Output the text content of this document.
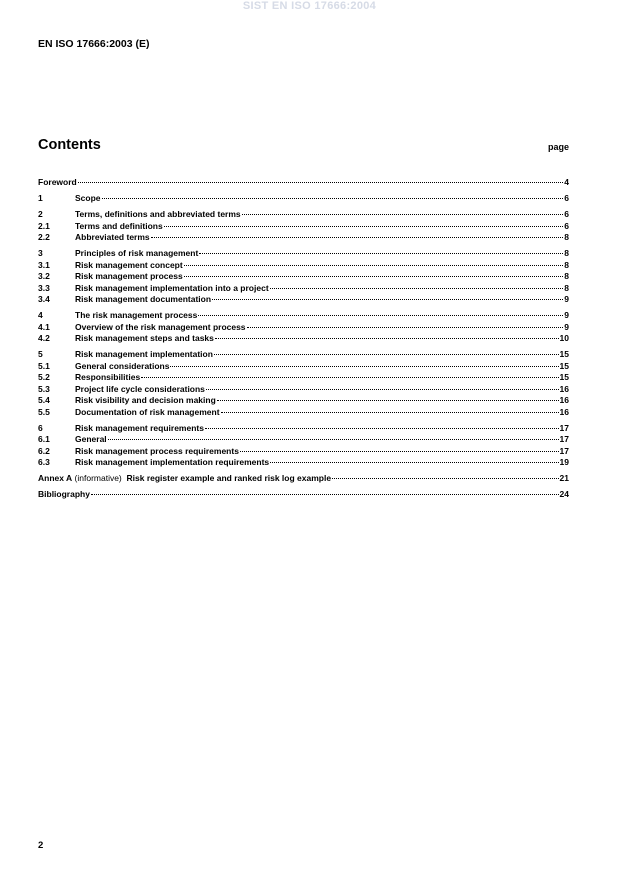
SIST EN ISO 17666:2004
EN ISO 17666:2003 (E)
Contents	page
Foreword	4
1	Scope	6
2	Terms, definitions and abbreviated terms	6
2.1	Terms and definitions	6
2.2	Abbreviated terms	8
3	Principles of risk management	8
3.1	Risk management concept	8
3.2	Risk management process	8
3.3	Risk management implementation into a project	8
3.4	Risk management documentation	9
4	The risk management process	9
4.1	Overview of the risk management process	9
4.2	Risk management steps and tasks	10
5	Risk management implementation	15
5.1	General considerations	15
5.2	Responsibilities	15
5.3	Project life cycle considerations	16
5.4	Risk visibility and decision making	16
5.5	Documentation of risk management	16
6	Risk management requirements	17
6.1	General	17
6.2	Risk management process requirements	17
6.3	Risk management implementation requirements	19
Annex A (informative)  Risk register example and ranked risk log example	21
Bibliography	24
2
